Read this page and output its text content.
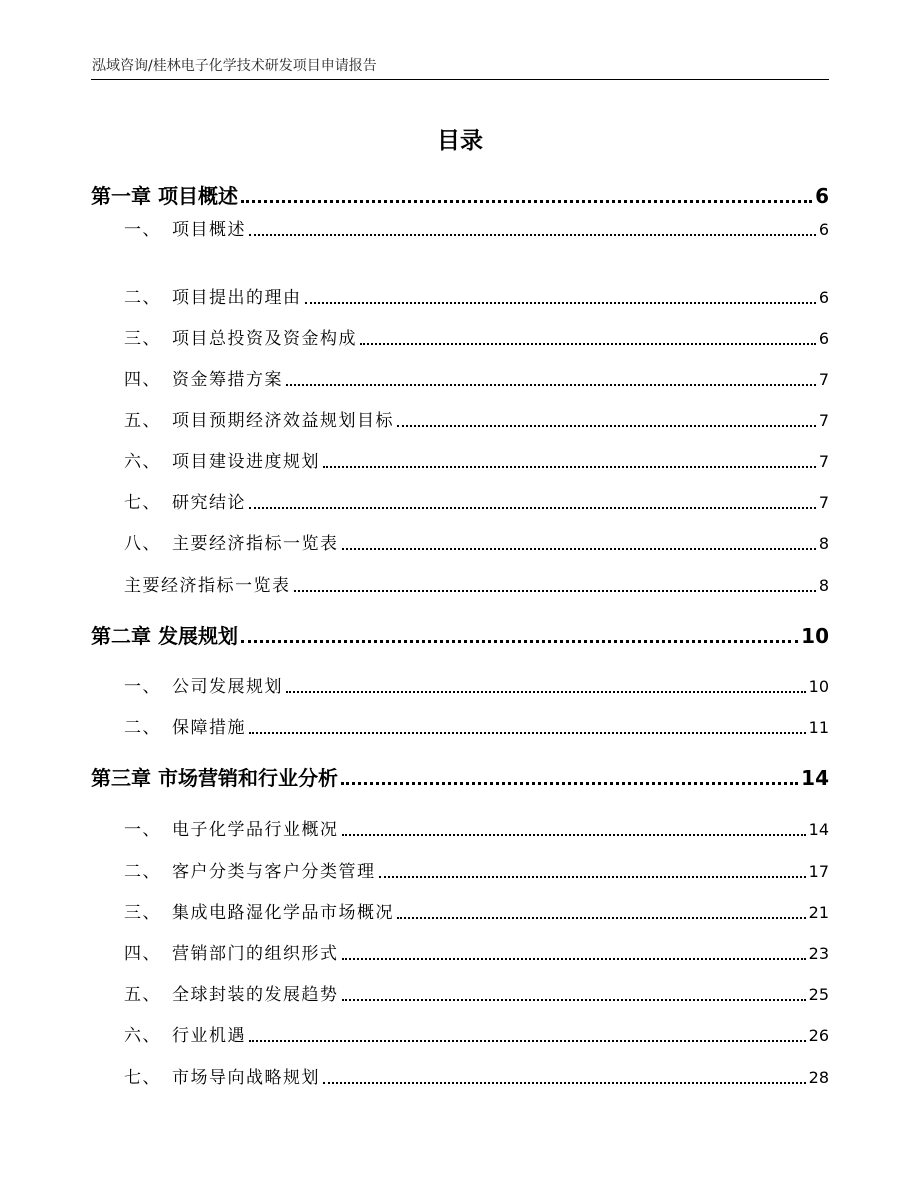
泓域咨询/桂林电子化学技术研发项目申请报告
目录
第一章 项目概述	6
一、 项目概述	6
二、 项目提出的理由	6
三、 项目总投资及资金构成	6
四、 资金筹措方案	7
五、 项目预期经济效益规划目标	7
六、 项目建设进度规划	7
七、 研究结论	7
八、 主要经济指标一览表	8
主要经济指标一览表	8
第二章 发展规划	10
一、 公司发展规划	10
二、 保障措施	11
第三章 市场营销和行业分析	14
一、 电子化学品行业概况	14
二、 客户分类与客户分类管理	17
三、 集成电路湿化学品市场概况	21
四、 营销部门的组织形式	23
五、 全球封装的发展趋势	25
六、 行业机遇	26
七、 市场导向战略规划	28
